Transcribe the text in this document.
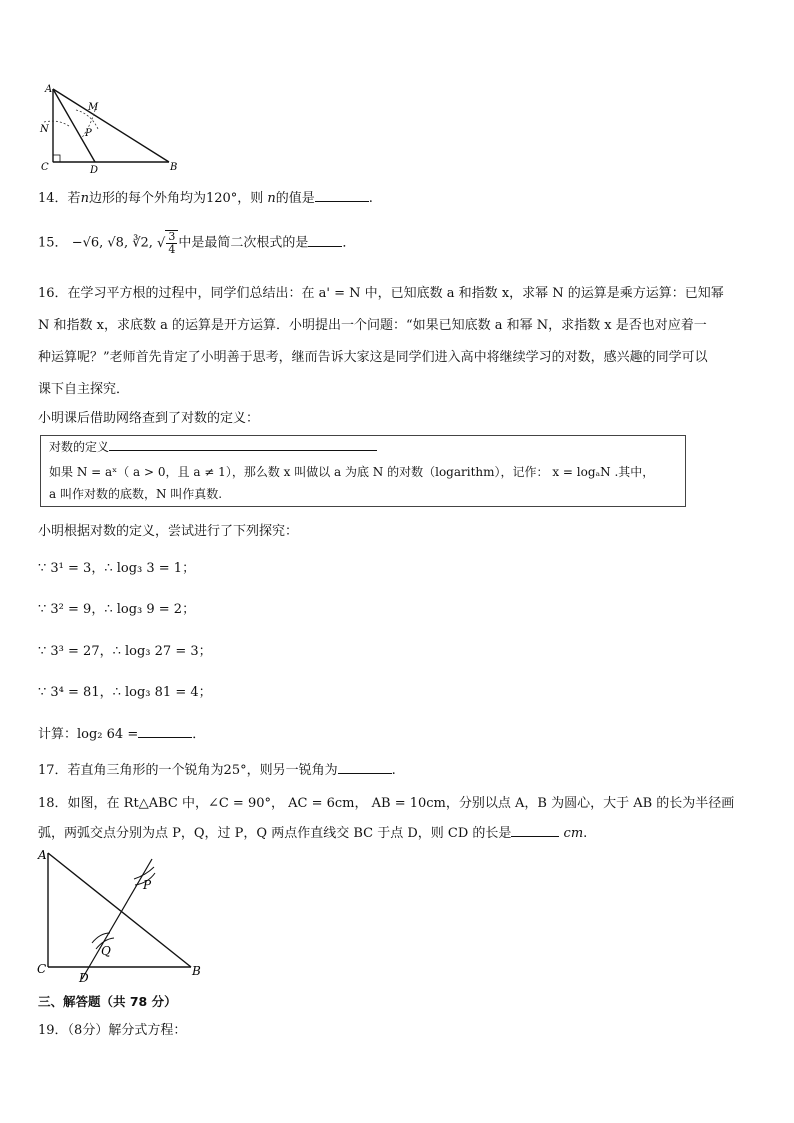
A
M
N	P
C	D	B
14．若n边形的每个外角均为120°，则 n的值是	.
15． −√6, √8, ∛2, √ $\frac{3}{4}$ 中是最简二次根式的是	．
16．在学习平方根的过程中，同学们总结出：在 a' = N 中，已知底数 a 和指数 x，求幂 N 的运算是乘方运算：已知幂
N 和指数 x，求底数 a 的运算是开方运算．小明提出一个问题：“如果已知底数 a 和幂 N，求指数 x 是否也对应着一
种运算呢？”老师首先肯定了小明善于思考，继而告诉大家这是同学们进入高中将继续学习的对数，感兴趣的同学可以
课下自主探究．
小明课后借助网络查到了对数的定义：
对数的定义
如果 N = aˣ（ a > 0，且 a ≠ 1），那么数 x 叫做以 a 为底 N 的对数（logarithm），记作： x = logₐN .其中，
a 叫作对数的底数，N 叫作真数.
小明根据对数的定义，尝试进行了下列探究：
∵ 3¹ = 3，∴ log₃ 3 = 1；
∵ 3² = 9，∴ log₃ 9 = 2；
∵ 3³ = 27，∴ log₃ 27 = 3；
∵ 3⁴ = 81，∴ log₃ 81 = 4；
计算：log₂ 64 =	．
17．若直角三角形的一个锐角为25°，则另一锐角为	.
18．如图，在 Rt△ABC 中，∠C = 90°， AC = 6cm， AB = 10cm，分别以点 A，B 为圆心，大于 AB 的长为半径画
弧，两弧交点分别为点 P，Q，过 P，Q 两点作直线交 BC 于点 D，则 CD 的长是	cm.
A
P
Q
C
D	B
三、解答题（共 78 分）
19．（8分）解分式方程：
